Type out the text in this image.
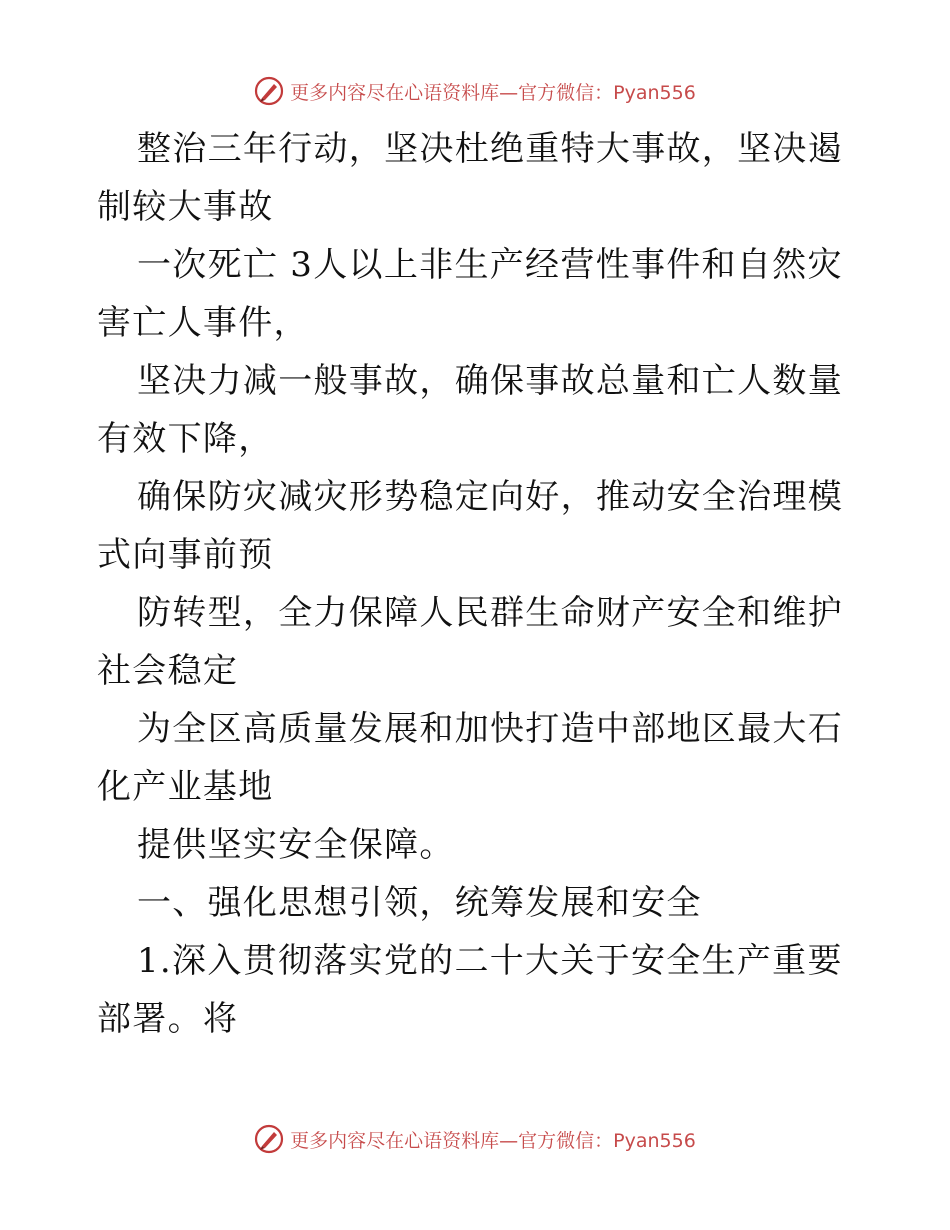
更多内容尽在心语资料库—官方微信：Pyan556

整治三年行动，坚决杜绝重特大事故，坚决遏制较大事故

一次死亡 3人以上非生产经营性事件和自然灾害亡人事件，

坚决力减一般事故，确保事故总量和亡人数量有效下降，

确保防灾减灾形势稳定向好，推动安全治理模式向事前预

防转型，全力保障人民群生命财产安全和维护社会稳定

为全区高质量发展和加快打造中部地区最大石化产业基地

提供坚实安全保障。

一、强化思想引领，统筹发展和安全

1.深入贯彻落实党的二十大关于安全生产重要部署。将

更多内容尽在心语资料库—官方微信：Pyan556
